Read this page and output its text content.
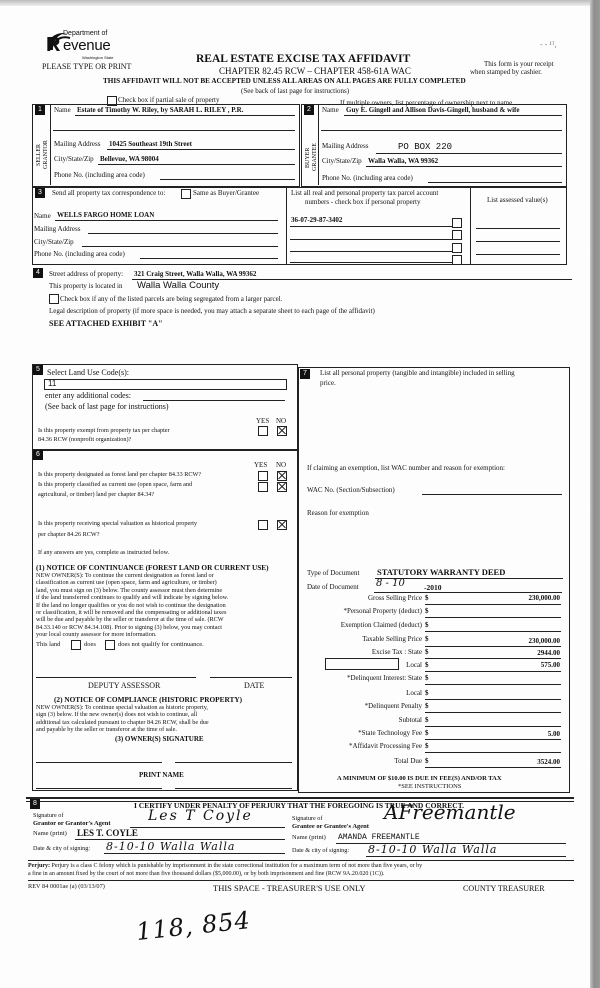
Department of
R evenue
Washington State
PLEASE TYPE OR PRINT
REAL ESTATE EXCISE TAX AFFIDAVIT
CHAPTER 82.45 RCW – CHAPTER 458-61A WAC
THIS AFFIDAVIT WILL NOT BE ACCEPTED UNLESS ALL AREAS ON ALL PAGES ARE FULLY COMPLETED
(See back of last page for instructions)
This form is your receipt
when stamped by cashier.
- - ¹ᵀ,
Check box if partial sale of property	If multiple owners, list percentage of ownership next to name.
1
SELLER
GRANTOR
Name Estate of Timothy W. Riley, by SARAH L. RILEY , P.R.
Mailing Address 10425 Southeast 19th Street
City/State/Zip Bellevue, WA 98004
Phone No. (including area code)
2
BUYER
GRANTEE
Name Guy E. Gingell and Allison Davis-Gingell, husband & wife
Mailing Address	PO BOX 220
City/State/Zip Walla Walla, WA 99362
Phone No. (including area code)
3	Send all property tax correspondence to:	Same as Buyer/Grantee
Name WELLS FARGO HOME LOAN
Mailing Address
City/State/Zip
Phone No. (including area code)
List all real and personal property tax parcel account
numbers - check box if personal property	List assessed value(s)
36-07-29-87-3402
4	Street address of property: 321 Craig Street, Walla Walla, WA 99362
This property is located in Walla Walla County
Check box if any of the listed parcels are being segregated from a larger parcel.
Legal description of property (if more space is needed, you may attach a separate sheet to each page of the affidavit)
SEE ATTACHED EXHIBIT "A"
5 Select Land Use Code(s):
11
enter any additional codes:
(See back of last page for instructions)
YES NO
Is this property exempt from property tax per chapter
84.36 RCW (nonprofit organization)?
6
YES NO
Is this property designated as forest land per chapter 84.33 RCW?
Is this property classified as current use (open space, farm and
agricultural, or timber) land per chapter 84.34?
Is this property receiving special valuation as historical property
per chapter 84.26 RCW?
If any answers are yes, complete as instructed below.
(1) NOTICE OF CONTINUANCE (FOREST LAND OR CURRENT USE)
NEW OWNER(S): To continue the current designation as forest land or
classification as current use (open space, farm and agriculture, or timber)
land, you must sign on (3) below. The county assessor must then determine
if the land transferred continues to qualify and will indicate by signing below.
If the land no longer qualifies or you do not wish to continue the designation
or classification, it will be removed and the compensating or additional taxes
will be due and payable by the seller or transferor at the time of sale. (RCW
84.33.140 or RCW 84.34.108). Prior to signing (3) below, you may contact
your local county assessor for more information.
This land	does	does not qualify for continuance.
DEPUTY ASSESSOR	DATE
(2) NOTICE OF COMPLIANCE (HISTORIC PROPERTY)
NEW OWNER(S): To continue special valuation as historic property,
sign (3) below. If the new owner(s) does not wish to continue, all
additional tax calculated pursuant to chapter 84.26 RCW, shall be due
and payable by the seller or transferor at the time of sale.
(3) OWNER(S) SIGNATURE
PRINT NAME
7	List all personal property (tangible and intangible) included in selling
price.
If claiming an exemption, list WAC number and reason for exemption:
WAC No. (Section/Subsection)
Reason for exemption
Type of Document STATUTORY WARRANTY DEED
Date of Document 8 - 10	-2010
Gross Selling Price $	230,000.00
*Personal Property (deduct) $
Exemption Claimed (deduct) $
Taxable Selling Price $	230,000.00
Excise Tax : State $	2944.00
Local $	575.00
*Delinquent Interest: State $
Local $
*Delinquent Penalty $
Subtotal $
*State Technology Fee $	5.00
*Affidavit Processing Fee $
Total Due $	3524.00
A MINIMUM OF $10.00 IS DUE IN FEE(S) AND/OR TAX
*SEE INSTRUCTIONS
8	I CERTIFY UNDER PENALTY OF PERJURY THAT THE FOREGOING IS TRUE AND CORRECT.
Signature of
Grantor or Grantor's Agent	Les T Coyle
Name (print) LES T. COYLE
Date & city of signing: 8-10-10 Walla Walla
Signature of
Grantee or Grantee's Agent
AFreemantle
Name (print) AMANDA FREEMANTLE
Date & city of signing: 8-10-10 Walla Walla
Perjury: Perjury is a class C felony which is punishable by imprisonment in the state correctional institution for a maximum term of not more than five years, or by
a fine in an amount fixed by the court of not more than five thousand dollars ($5,000.00), or by both imprisonment and fine (RCW 9A.20.020 (1C)).
REV 84 0001ae (a) (03/13/07)	THIS SPACE - TREASURER'S USE ONLY	COUNTY TREASURER
118, 854
